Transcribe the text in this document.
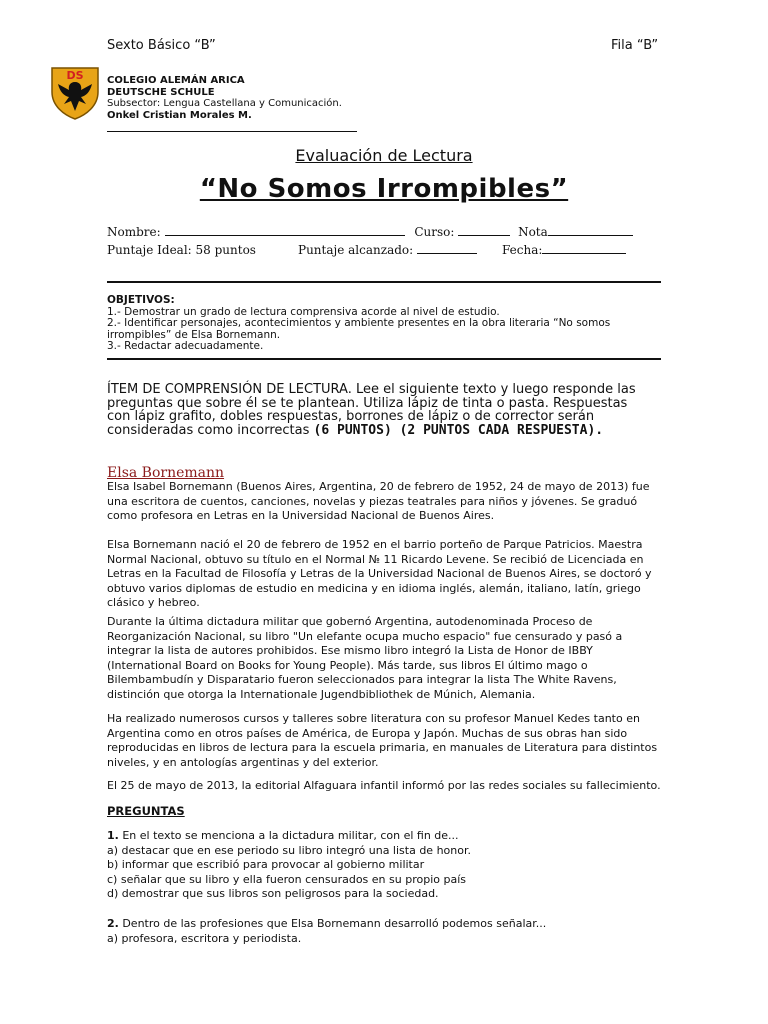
Sexto Básico “B”	Fila “B”
DS COLEGIO ALEMÁN ARICA
DEUTSCHE SCHULE
Subsector: Lengua Castellana y Comunicación.
Onkel Cristian Morales M.
Evaluación de Lectura
“No Somos Irrompibles”
Nombre:	Curso:	Nota
Puntaje Ideal: 58 puntos	Puntaje alcanzado:	Fecha:
OBJETIVOS:
1.- Demostrar un grado de lectura comprensiva acorde al nivel de estudio.
2.- Identificar personajes, acontecimientos y ambiente presentes en la obra literaria “No somos irrompibles” de Elsa Bornemann.
3.- Redactar adecuadamente.
ÍTEM DE COMPRENSIÓN DE LECTURA. Lee el siguiente texto y luego responde las preguntas que sobre él se te plantean. Utiliza lápiz de tinta o pasta. Respuestas con lápiz grafito, dobles respuestas, borrones de lápiz o de corrector serán consideradas como incorrectas (6 PUNTOS) (2 PUNTOS CADA RESPUESTA).
Elsa Bornemann

Elsa Isabel Bornemann (Buenos Aires, Argentina, 20 de febrero de 1952, 24 de mayo de 2013) fue una escritora de cuentos, canciones, novelas y piezas teatrales para niños y jóvenes. Se graduó como profesora en Letras en la Universidad Nacional de Buenos Aires.

Elsa Bornemann nació el 20 de febrero de 1952 en el barrio porteño de Parque Patricios. Maestra Normal Nacional, obtuvo su título en el Normal № 11 Ricardo Levene. Se recibió de Licenciada en Letras en la Facultad de Filosofía y Letras de la Universidad Nacional de Buenos Aires, se doctoró y obtuvo varios diplomas de estudio en medicina y en idioma inglés, alemán, italiano, latín, griego clásico y hebreo.

Durante la última dictadura militar que gobernó Argentina, autodenominada Proceso de Reorganización Nacional, su libro "Un elefante ocupa mucho espacio" fue censurado y pasó a integrar la lista de autores prohibidos. Ese mismo libro integró la Lista de Honor de IBBY (International Board on Books for Young People). Más tarde, sus libros El último mago o Bilembambudín y Disparatario fueron seleccionados para integrar la lista The White Ravens, distinción que otorga la Internationale Jugendbibliothek de Múnich, Alemania.

Ha realizado numerosos cursos y talleres sobre literatura con su profesor Manuel Kedes tanto en Argentina como en otros países de América, de Europa y Japón. Muchas de sus obras han sido reproducidas en libros de lectura para la escuela primaria, en manuales de Literatura para distintos niveles, y en antologías argentinas y del exterior.

El 25 de mayo de 2013, la editorial Alfaguara infantil informó por las redes sociales su fallecimiento.

PREGUNTAS
1. En el texto se menciona a la dictadura militar, con el fin de...
a) destacar que en ese periodo su libro integró una lista de honor.
b) informar que escribió para provocar al gobierno militar
c) señalar que su libro y ella fueron censurados en su propio país
d) demostrar que sus libros son peligrosos para la sociedad.
2. Dentro de las profesiones que Elsa Bornemann desarrolló podemos señalar...
a) profesora, escritora y periodista.
